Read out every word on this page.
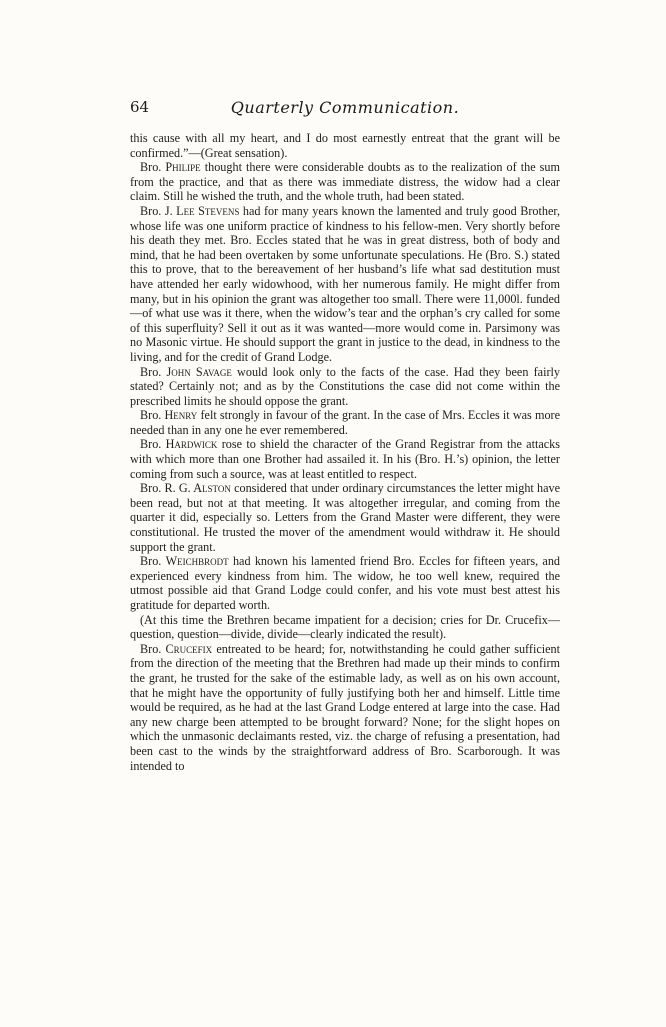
64	Quarterly Communication.

this cause with all my heart, and I do most earnestly entreat that the grant will be confirmed.”—(Great sensation).

Bro. Philipe thought there were considerable doubts as to the realization of the sum from the practice, and that as there was immediate distress, the widow had a clear claim. Still he wished the truth, and the whole truth, had been stated.

Bro. J. Lee Stevens had for many years known the lamented and truly good Brother, whose life was one uniform practice of kindness to his fellow-men. Very shortly before his death they met. Bro. Eccles stated that he was in great distress, both of body and mind, that he had been overtaken by some unfortunate speculations. He (Bro. S.) stated this to prove, that to the bereavement of her husband’s life what sad destitution must have attended her early widowhood, with her numerous family. He might differ from many, but in his opinion the grant was altogether too small. There were 11,000l. funded—of what use was it there, when the widow’s tear and the orphan’s cry called for some of this superfluity? Sell it out as it was wanted—more would come in. Parsimony was no Masonic virtue. He should support the grant in justice to the dead, in kindness to the living, and for the credit of Grand Lodge.

Bro. John Savage would look only to the facts of the case. Had they been fairly stated? Certainly not; and as by the Constitutions the case did not come within the prescribed limits he should oppose the grant.

Bro. Henry felt strongly in favour of the grant. In the case of Mrs. Eccles it was more needed than in any one he ever remembered.

Bro. Hardwick rose to shield the character of the Grand Registrar from the attacks with which more than one Brother had assailed it. In his (Bro. H.’s) opinion, the letter coming from such a source, was at least entitled to respect.

Bro. R. G. Alston considered that under ordinary circumstances the letter might have been read, but not at that meeting. It was altogether irregular, and coming from the quarter it did, especially so. Letters from the Grand Master were different, they were constitutional. He trusted the mover of the amendment would withdraw it. He should support the grant.

Bro. Weichbrodt had known his lamented friend Bro. Eccles for fifteen years, and experienced every kindness from him. The widow, he too well knew, required the utmost possible aid that Grand Lodge could confer, and his vote must best attest his gratitude for departed worth.

(At this time the Brethren became impatient for a decision; cries for Dr. Crucefix—question, question—divide, divide—clearly indicated the result).

Bro. Crucefix entreated to be heard; for, notwithstanding he could gather sufficient from the direction of the meeting that the Brethren had made up their minds to confirm the grant, he trusted for the sake of the estimable lady, as well as on his own account, that he might have the opportunity of fully justifying both her and himself. Little time would be required, as he had at the last Grand Lodge entered at large into the case. Had any new charge been attempted to be brought forward? None; for the slight hopes on which the unmasonic declaimants rested, viz. the charge of refusing a presentation, had been cast to the winds by the straightforward address of Bro. Scarborough. It was intended to
